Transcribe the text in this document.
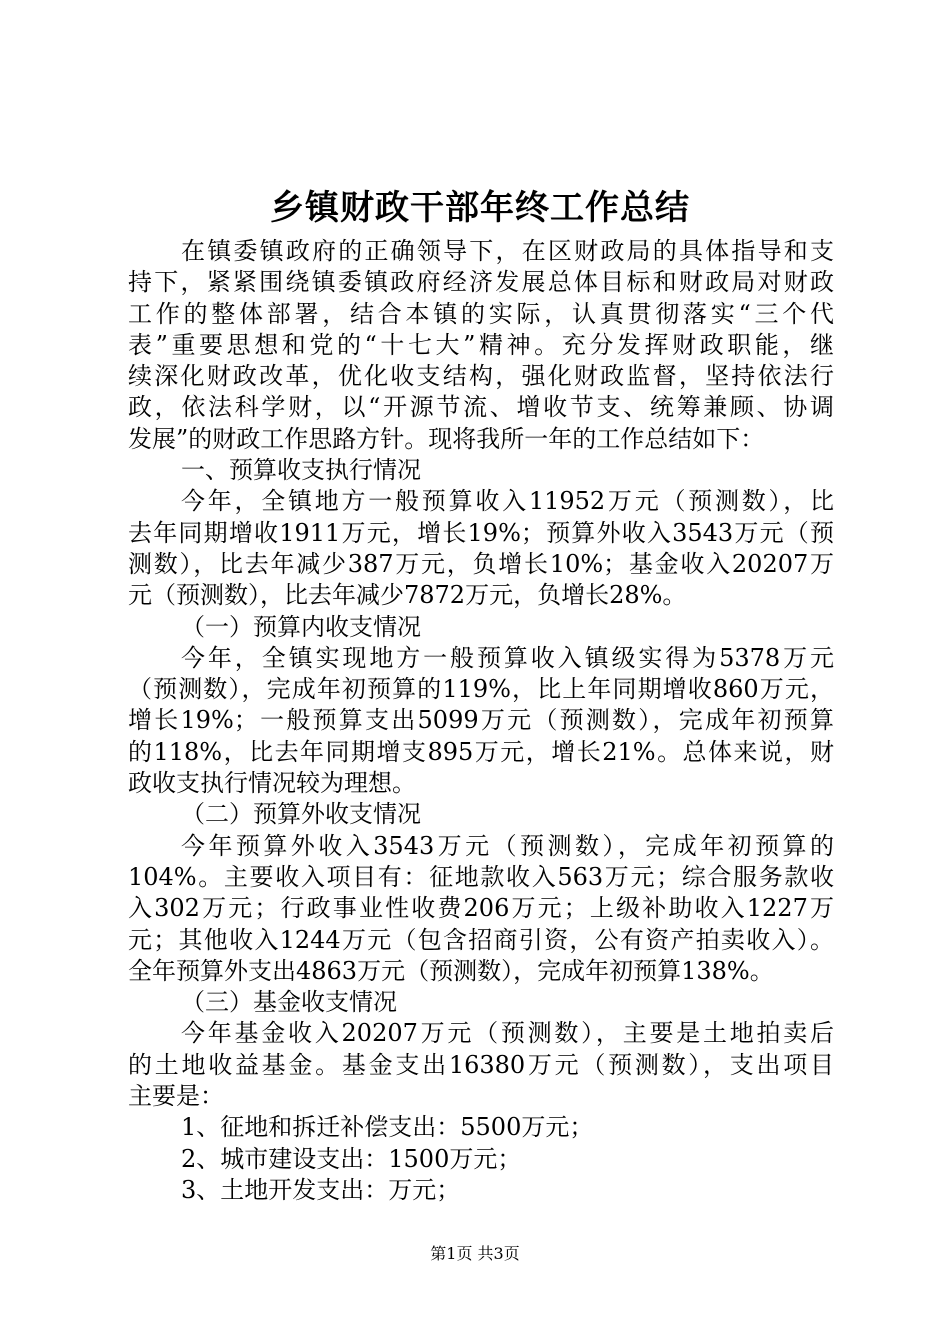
乡镇财政干部年终工作总结
在镇委镇政府的正确领导下，在区财政局的具体指导和支
持下，紧紧围绕镇委镇政府经济发展总体目标和财政局对财政
工作的整体部署，结合本镇的实际，认真贯彻落实“三个代
表”重要思想和党的“十七大”精神。充分发挥财政职能，继
续深化财政改革，优化收支结构，强化财政监督，坚持依法行
政，依法科学财，以“开源节流、增收节支、统筹兼顾、协调
发展”的财政工作思路方针。现将我所一年的工作总结如下：
一、预算收支执行情况
今年，全镇地方一般预算收入11952万元（预测数），比
去年同期增收1911万元，增长19%；预算外收入3543万元（预
测数），比去年减少387万元，负增长10%；基金收入20207万
元（预测数），比去年减少7872万元，负增长28%。
（一）预算内收支情况
今年，全镇实现地方一般预算收入镇级实得为5378万元
（预测数），完成年初预算的119%，比上年同期增收860万元，
增长19%；一般预算支出5099万元（预测数），完成年初预算
的118%，比去年同期增支895万元，增长21%。总体来说，财
政收支执行情况较为理想。
（二）预算外收支情况
今年预算外收入3543万元（预测数），完成年初预算的
104%。主要收入项目有：征地款收入563万元；综合服务款收
入302万元；行政事业性收费206万元；上级补助收入1227万
元；其他收入1244万元（包含招商引资，公有资产拍卖收入）。
全年预算外支出4863万元（预测数），完成年初预算138%。
（三）基金收支情况
今年基金收入20207万元（预测数），主要是土地拍卖后
的土地收益基金。基金支出16380万元（预测数），支出项目
主要是：
1、征地和拆迁补偿支出：5500万元；
2、城市建设支出：1500万元；
3、土地开发支出：万元；
第1页 共3页
